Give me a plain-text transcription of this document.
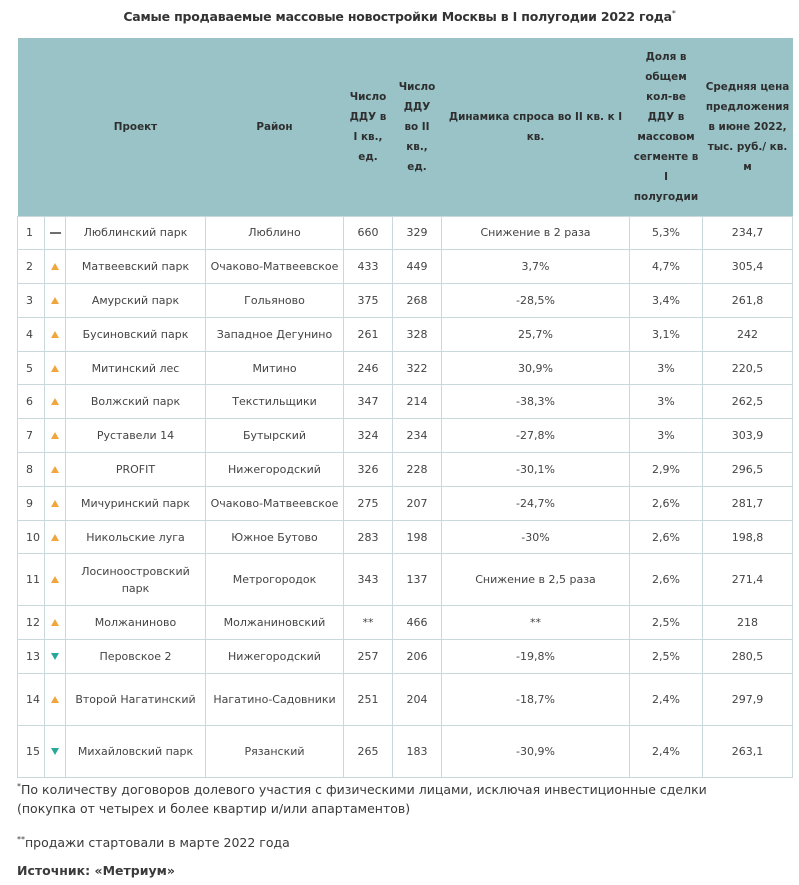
Самые продаваемые массовые новостройки Москвы в I полугодии 2022 года*
		Проект	Район	Число ДДУ в I кв., ед.	Число ДДУ во II кв., ед.	Динамика спроса во II кв. к I кв.	Доля в общем кол-ве ДДУ в массовом сегменте в I полугодии	Средняя цена предложения в июне 2022, тыс. руб./ кв. м
1		Люблинский парк	Люблино	660	329	Снижение в 2 раза	5,3%	234,7
2		Матвеевский парк	Очаково-Матвеевское	433	449	3,7%	4,7%	305,4
3		Амурский парк	Гольяново	375	268	-28,5%	3,4%	261,8
4		Бусиновский парк	Западное Дегунино	261	328	25,7%	3,1%	242
5		Митинский лес	Митино	246	322	30,9%	3%	220,5
6		Волжский парк	Текстильщики	347	214	-38,3%	3%	262,5
7		Руставели 14	Бутырский	324	234	-27,8%	3%	303,9
8		PROFIT	Нижегородский	326	228	-30,1%	2,9%	296,5
9		Мичуринский парк	Очаково-Матвеевское	275	207	-24,7%	2,6%	281,7
10		Никольские луга	Южное Бутово	283	198	-30%	2,6%	198,8
11		Лосиноостровский парк	Метрогородок	343	137	Снижение в 2,5 раза	2,6%	271,4
12		Молжаниново	Молжаниновский	**	466	**	2,5%	218
13		Перовское 2	Нижегородский	257	206	-19,8%	2,5%	280,5
14		Второй Нагатинский	Нагатино-Садовники	251	204	-18,7%	2,4%	297,9
15		Михайловский парк	Рязанский	265	183	-30,9%	2,4%	263,1
*По количеству договоров долевого участия с физическими лицами, исключая инвестиционные сделки (покупка от четырех и более квартир и/или апартаментов)
**продажи стартовали в марте 2022 года
Источник: «Метриум»
